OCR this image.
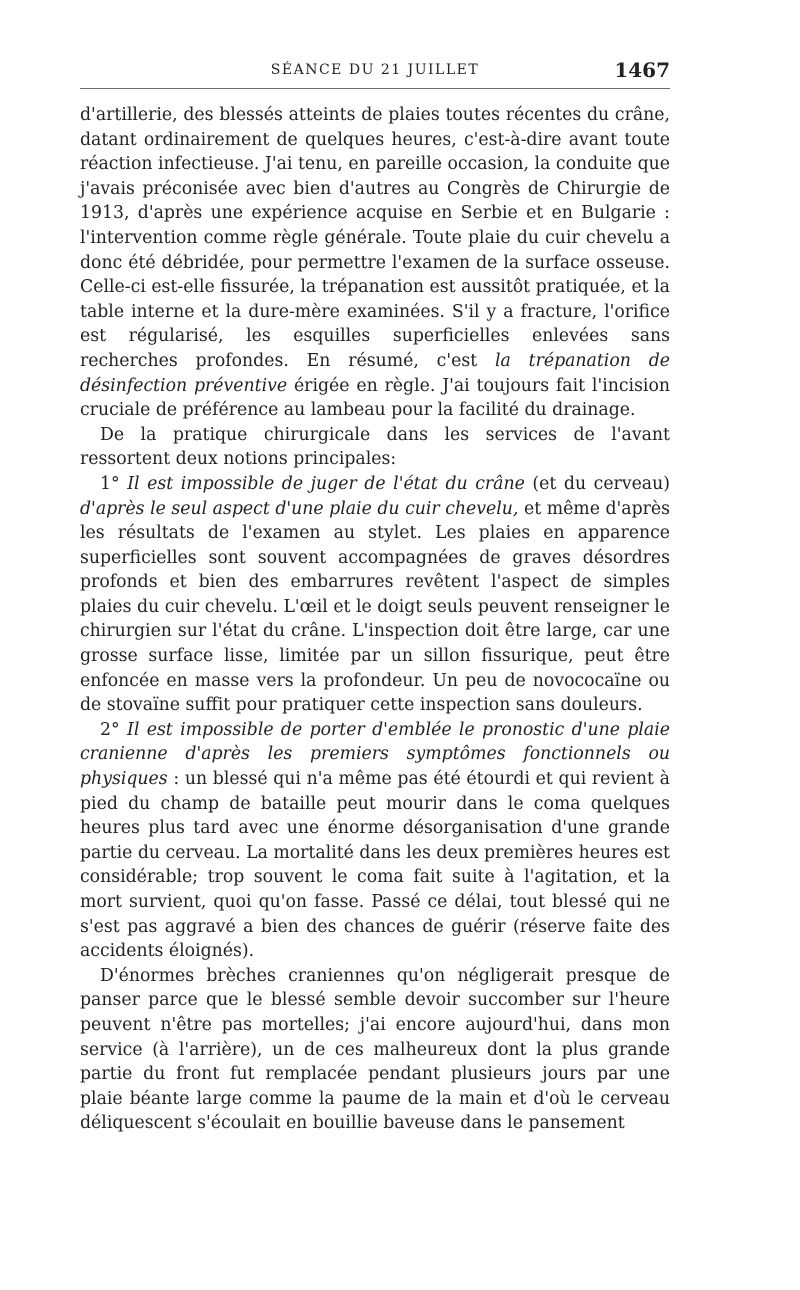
SÉANCE DU 21 JUILLET	1467

d'artillerie, des blessés atteints de plaies toutes récentes du crâne, datant ordinairement de quelques heures, c'est-à-dire avant toute réaction infectieuse. J'ai tenu, en pareille occasion, la conduite que j'avais préconisée avec bien d'autres au Congrès de Chirurgie de 1913, d'après une expérience acquise en Serbie et en Bulgarie : l'intervention comme règle générale. Toute plaie du cuir chevelu a donc été débridée, pour permettre l'examen de la surface osseuse. Celle-ci est-elle fissurée, la trépanation est aussitôt pratiquée, et la table interne et la dure-mère examinées. S'il y a fracture, l'orifice est régularisé, les esquilles superficielles enlevées sans recherches profondes. En résumé, c'est la trépanation de désinfection préventive érigée en règle. J'ai toujours fait l'incision cruciale de préférence au lambeau pour la facilité du drainage.

De la pratique chirurgicale dans les services de l'avant ressortent deux notions principales:

1° Il est impossible de juger de l'état du crâne (et du cerveau) d'après le seul aspect d'une plaie du cuir chevelu, et même d'après les résultats de l'examen au stylet. Les plaies en apparence superficielles sont souvent accompagnées de graves désordres profonds et bien des embarrures revêtent l'aspect de simples plaies du cuir chevelu. L'œil et le doigt seuls peuvent renseigner le chirurgien sur l'état du crâne. L'inspection doit être large, car une grosse surface lisse, limitée par un sillon fissurique, peut être enfoncée en masse vers la profondeur. Un peu de novococaïne ou de stovaïne suffit pour pratiquer cette inspection sans douleurs.

2° Il est impossible de porter d'emblée le pronostic d'une plaie cranienne d'après les premiers symptômes fonctionnels ou physiques : un blessé qui n'a même pas été étourdi et qui revient à pied du champ de bataille peut mourir dans le coma quelques heures plus tard avec une énorme désorganisation d'une grande partie du cerveau. La mortalité dans les deux premières heures est considérable; trop souvent le coma fait suite à l'agitation, et la mort survient, quoi qu'on fasse. Passé ce délai, tout blessé qui ne s'est pas aggravé a bien des chances de guérir (réserve faite des accidents éloignés).

D'énormes brèches craniennes qu'on négligerait presque de panser parce que le blessé semble devoir succomber sur l'heure peuvent n'être pas mortelles; j'ai encore aujourd'hui, dans mon service (à l'arrière), un de ces malheureux dont la plus grande partie du front fut remplacée pendant plusieurs jours par une plaie béante large comme la paume de la main et d'où le cerveau déliquescent s'écoulait en bouillie baveuse dans le pansement
